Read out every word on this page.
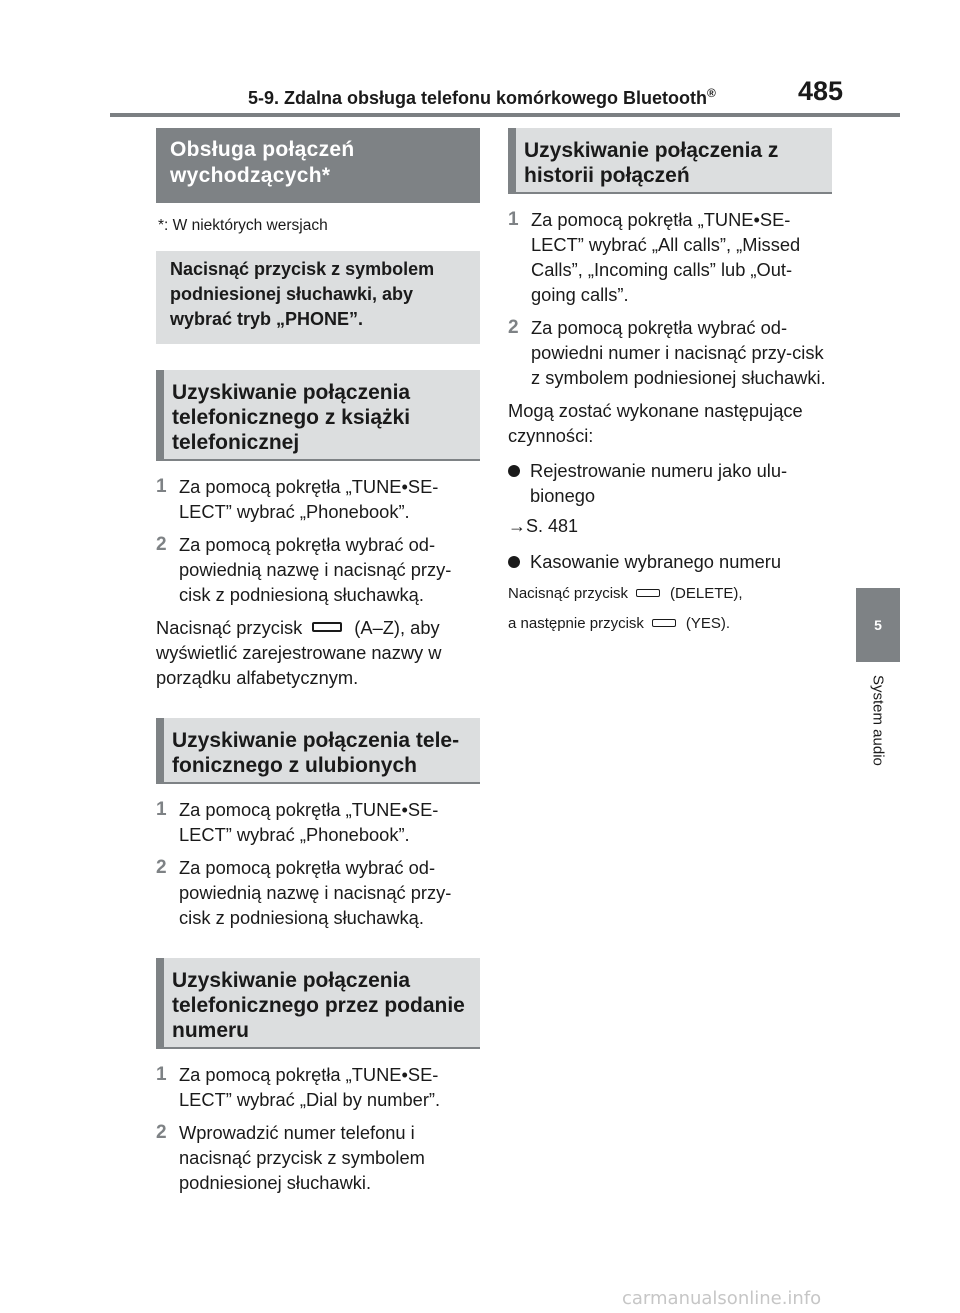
5-9. Zdalna obsługa telefonu komórkowego Bluetooth®	485
Obsługa połączeń wychodzących*
*: W niektórych wersjach
Nacisnąć przycisk z symbolem podniesionej słuchawki, aby wybrać tryb „PHONE”.
Uzyskiwanie połączenia telefonicznego z książki telefonicznej
1 Za pomocą pokrętła „TUNE•SE-LECT” wybrać „Phonebook”.
2 Za pomocą pokrętła wybrać od-powiednią nazwę i nacisnąć przy-cisk z podniesioną słuchawką.
Nacisnąć przycisk	(A–Z), aby wyświetlić zarejestrowane nazwy w porządku alfabetycznym.
Uzyskiwanie połączenia tele-fonicznego z ulubionych
1 Za pomocą pokrętła „TUNE•SE-LECT” wybrać „Phonebook”.
2 Za pomocą pokrętła wybrać od-powiednią nazwę i nacisnąć przy-cisk z podniesioną słuchawką.
Uzyskiwanie połączenia telefonicznego przez podanie numeru
1 Za pomocą pokrętła „TUNE•SE-LECT” wybrać „Dial by number”.
2 Wprowadzić numer telefonu i nacisnąć przycisk z symbolem podniesionej słuchawki.
Uzyskiwanie połączenia z historii połączeń
1 Za pomocą pokrętła „TUNE•SE-LECT” wybrać „All calls”, „Missed Calls”, „Incoming calls” lub „Out-going calls”.
2 Za pomocą pokrętła wybrać od-powiedni numer i nacisnąć przy-cisk z symbolem podniesionej słuchawki.
Mogą zostać wykonane następujące czynności:
Rejestrowanie numeru jako ulu-bionego
→S. 481
Kasowanie wybranego numeru
Nacisnąć przycisk	(DELETE),
a następnie przycisk	(YES).	5
System audio
carmanualsonline.info
